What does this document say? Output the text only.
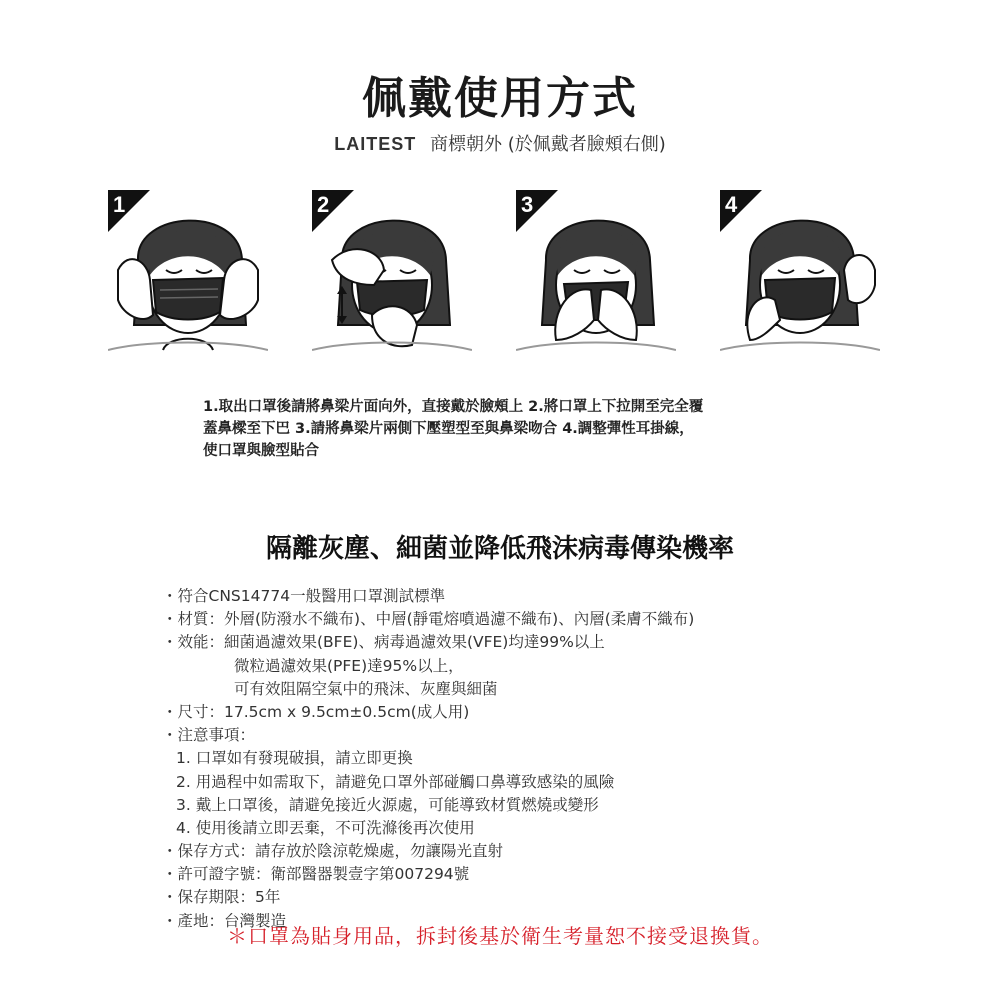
佩戴使用方式
LAITEST 商標朝外 (於佩戴者臉頰右側)
1	2	3	4
1.取出口罩後請將鼻梁片面向外，直接戴於臉頰上 2.將口罩上下拉開至完全覆
蓋鼻樑至下巴 3.請將鼻梁片兩側下壓塑型至與鼻梁吻合 4.調整彈性耳掛線，
使口罩與臉型貼合
隔離灰塵、細菌並降低飛沫病毒傳染機率
・符合CNS14774一般醫用口罩測試標準
・材質：外層(防潑水不織布)、中層(靜電熔噴過濾不織布)、內層(柔膚不織布)
・效能：細菌過濾效果(BFE)、病毒過濾效果(VFE)均達99%以上
微粒過濾效果(PFE)達95%以上，
可有效阻隔空氣中的飛沫、灰塵與細菌
・尺寸：17.5cm x 9.5cm±0.5cm(成人用)
・注意事項：
1. 口罩如有發現破損，請立即更換
2. 用過程中如需取下，請避免口罩外部碰觸口鼻導致感染的風險
3. 戴上口罩後，請避免接近火源處，可能導致材質燃燒或變形
4. 使用後請立即丟棄，不可洗滌後再次使用
・保存方式：請存放於陰涼乾燥處，勿讓陽光直射
・許可證字號：衛部醫器製壹字第007294號
・保存期限：5年
・產地：台灣製造
＊口罩為貼身用品，拆封後基於衛生考量恕不接受退換貨。
